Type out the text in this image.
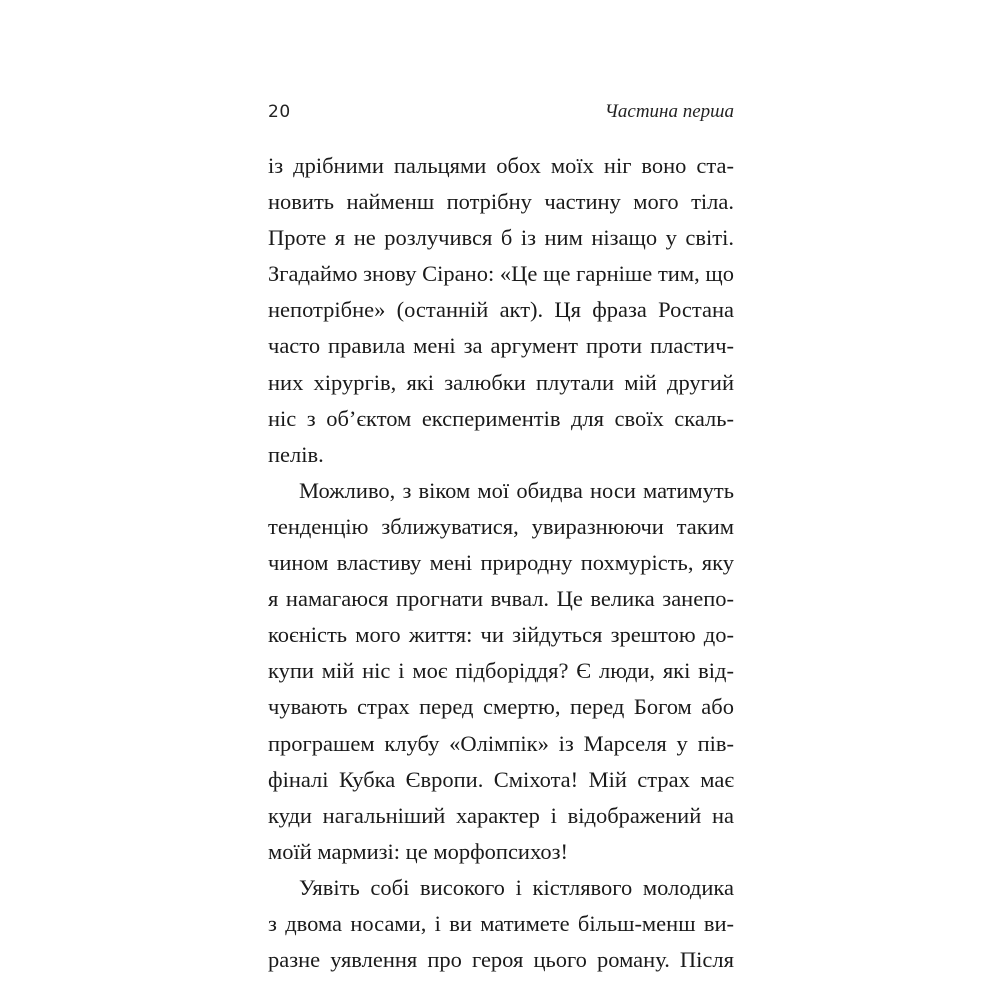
20	Частина перша
із дрібними пальцями обох моїх ніг воно ста-
новить найменш потрібну частину мого тіла.
Проте я не розлучився б із ним нізащо у світі.
Згадаймо знову Сірано: «Це ще гарніше тим, що
непотрібне» (останній акт). Ця фраза Ростана
часто правила мені за аргумент проти пластич-
них хірургів, які залюбки плутали мій другий
ніс з об’єктом експериментів для своїх скаль-
пелів.
Можливо, з віком мої обидва носи матимуть
тенденцію зближуватися, увиразнюючи таким
чином властиву мені природну похмурість, яку
я намагаюся прогнати вчвал. Це велика занепо-
коєність мого життя: чи зійдуться зрештою до-
купи мій ніс і моє підборіддя? Є люди, які від-
чувають страх перед смертю, перед Богом або
програшем клубу «Олімпік» із Марселя у пів-
фіналі Кубка Європи. Сміхота! Мій страх має
куди нагальніший характер і відображений на
моїй мармизі: це морфопсихоз!
Уявіть собі високого і кістлявого молодика
з двома носами, і ви матимете більш-менш ви-
разне уявлення про героя цього роману. Після
